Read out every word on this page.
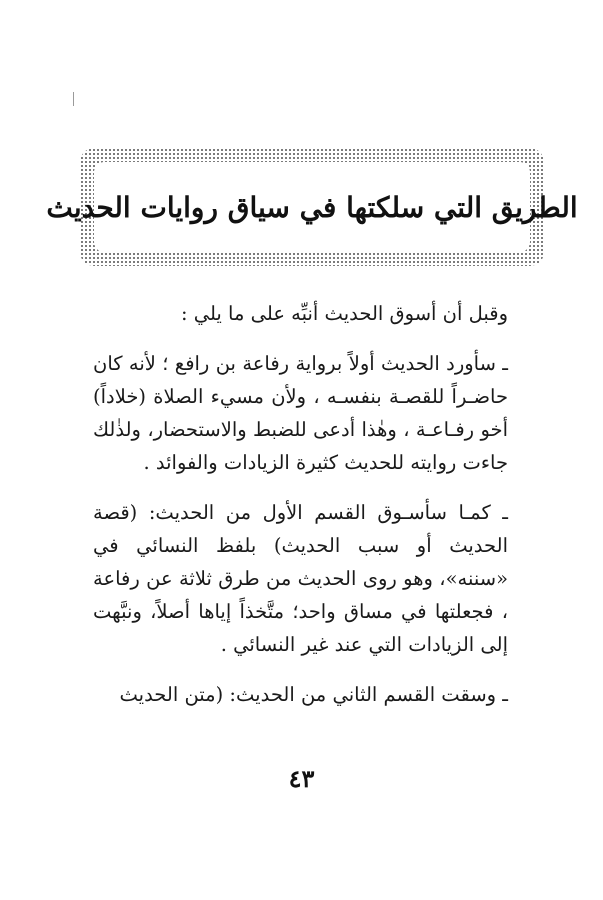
الطريق التي سلكتها في سياق روايات الحديث

وقبل أن أسوق الحديث أنبِّه على ما يلي :

ـ سأورد الحديث أولاً برواية رفاعة بن رافع ؛ لأنه كان حاضـراً للقصـة بنفسـه ، ولأن مسيء الصلاة (خلاداً) أخو رفـاعـة ، وهٰذا أدعى للضبط والاستحضار، ولذٰلك جاءت روايته للحديث كثيرة الزيادات والفوائد .

ـ كمـا سأسـوق القسم الأول من الحديث: (قصة الحديث أو سبب الحديث) بلفظ النسائي في «سننه»، وهو روى الحديث من طرق ثلاثة عن رفاعة ، فجعلتها في مساق واحد؛ متَّخذاً إياها أصلاً، ونبَّهت إلى الزيادات التي عند غير النسائي .

ـ وسقت القسم الثاني من الحديث: (متن الحديث

٤٣
